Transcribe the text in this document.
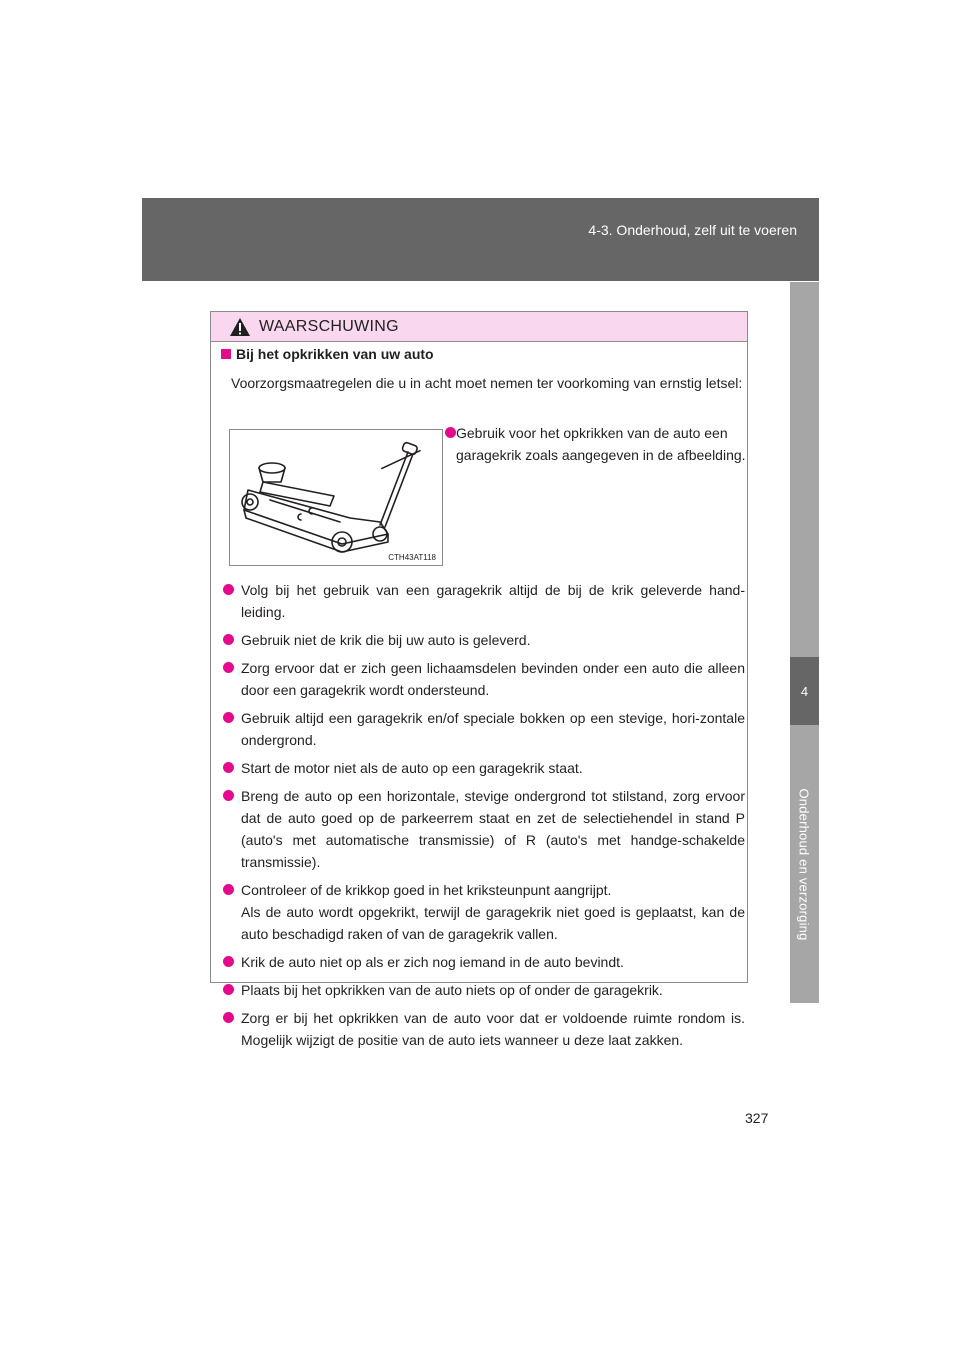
4-3. Onderhoud, zelf uit te voeren
4
Onderhoud en verzorging
WAARSCHUWING
Bij het opkrikken van uw auto
Voorzorgsmaatregelen die u in acht moet nemen ter voorkoming van ernstig letsel:
CTH43AT118
Gebruik voor het opkrikken van de auto een garagekrik zoals aangegeven in de afbeelding.
Volg bij het gebruik van een garagekrik altijd de bij de krik geleverde hand-leiding.
Gebruik niet de krik die bij uw auto is geleverd.
Zorg ervoor dat er zich geen lichaamsdelen bevinden onder een auto die alleen door een garagekrik wordt ondersteund.
Gebruik altijd een garagekrik en/of speciale bokken op een stevige, hori-zontale ondergrond.
Start de motor niet als de auto op een garagekrik staat.
Breng de auto op een horizontale, stevige ondergrond tot stilstand, zorg ervoor dat de auto goed op de parkeerrem staat en zet de selectiehendel in stand P (auto's met automatische transmissie) of R (auto's met handge-schakelde transmissie).
Controleer of de krikkop goed in het kriksteunpunt aangrijpt.
Als de auto wordt opgekrikt, terwijl de garagekrik niet goed is geplaatst, kan de auto beschadigd raken of van de garagekrik vallen.
Krik de auto niet op als er zich nog iemand in de auto bevindt.
Plaats bij het opkrikken van de auto niets op of onder de garagekrik.
Zorg er bij het opkrikken van de auto voor dat er voldoende ruimte rondom is. Mogelijk wijzigt de positie van de auto iets wanneer u deze laat zakken.
327
